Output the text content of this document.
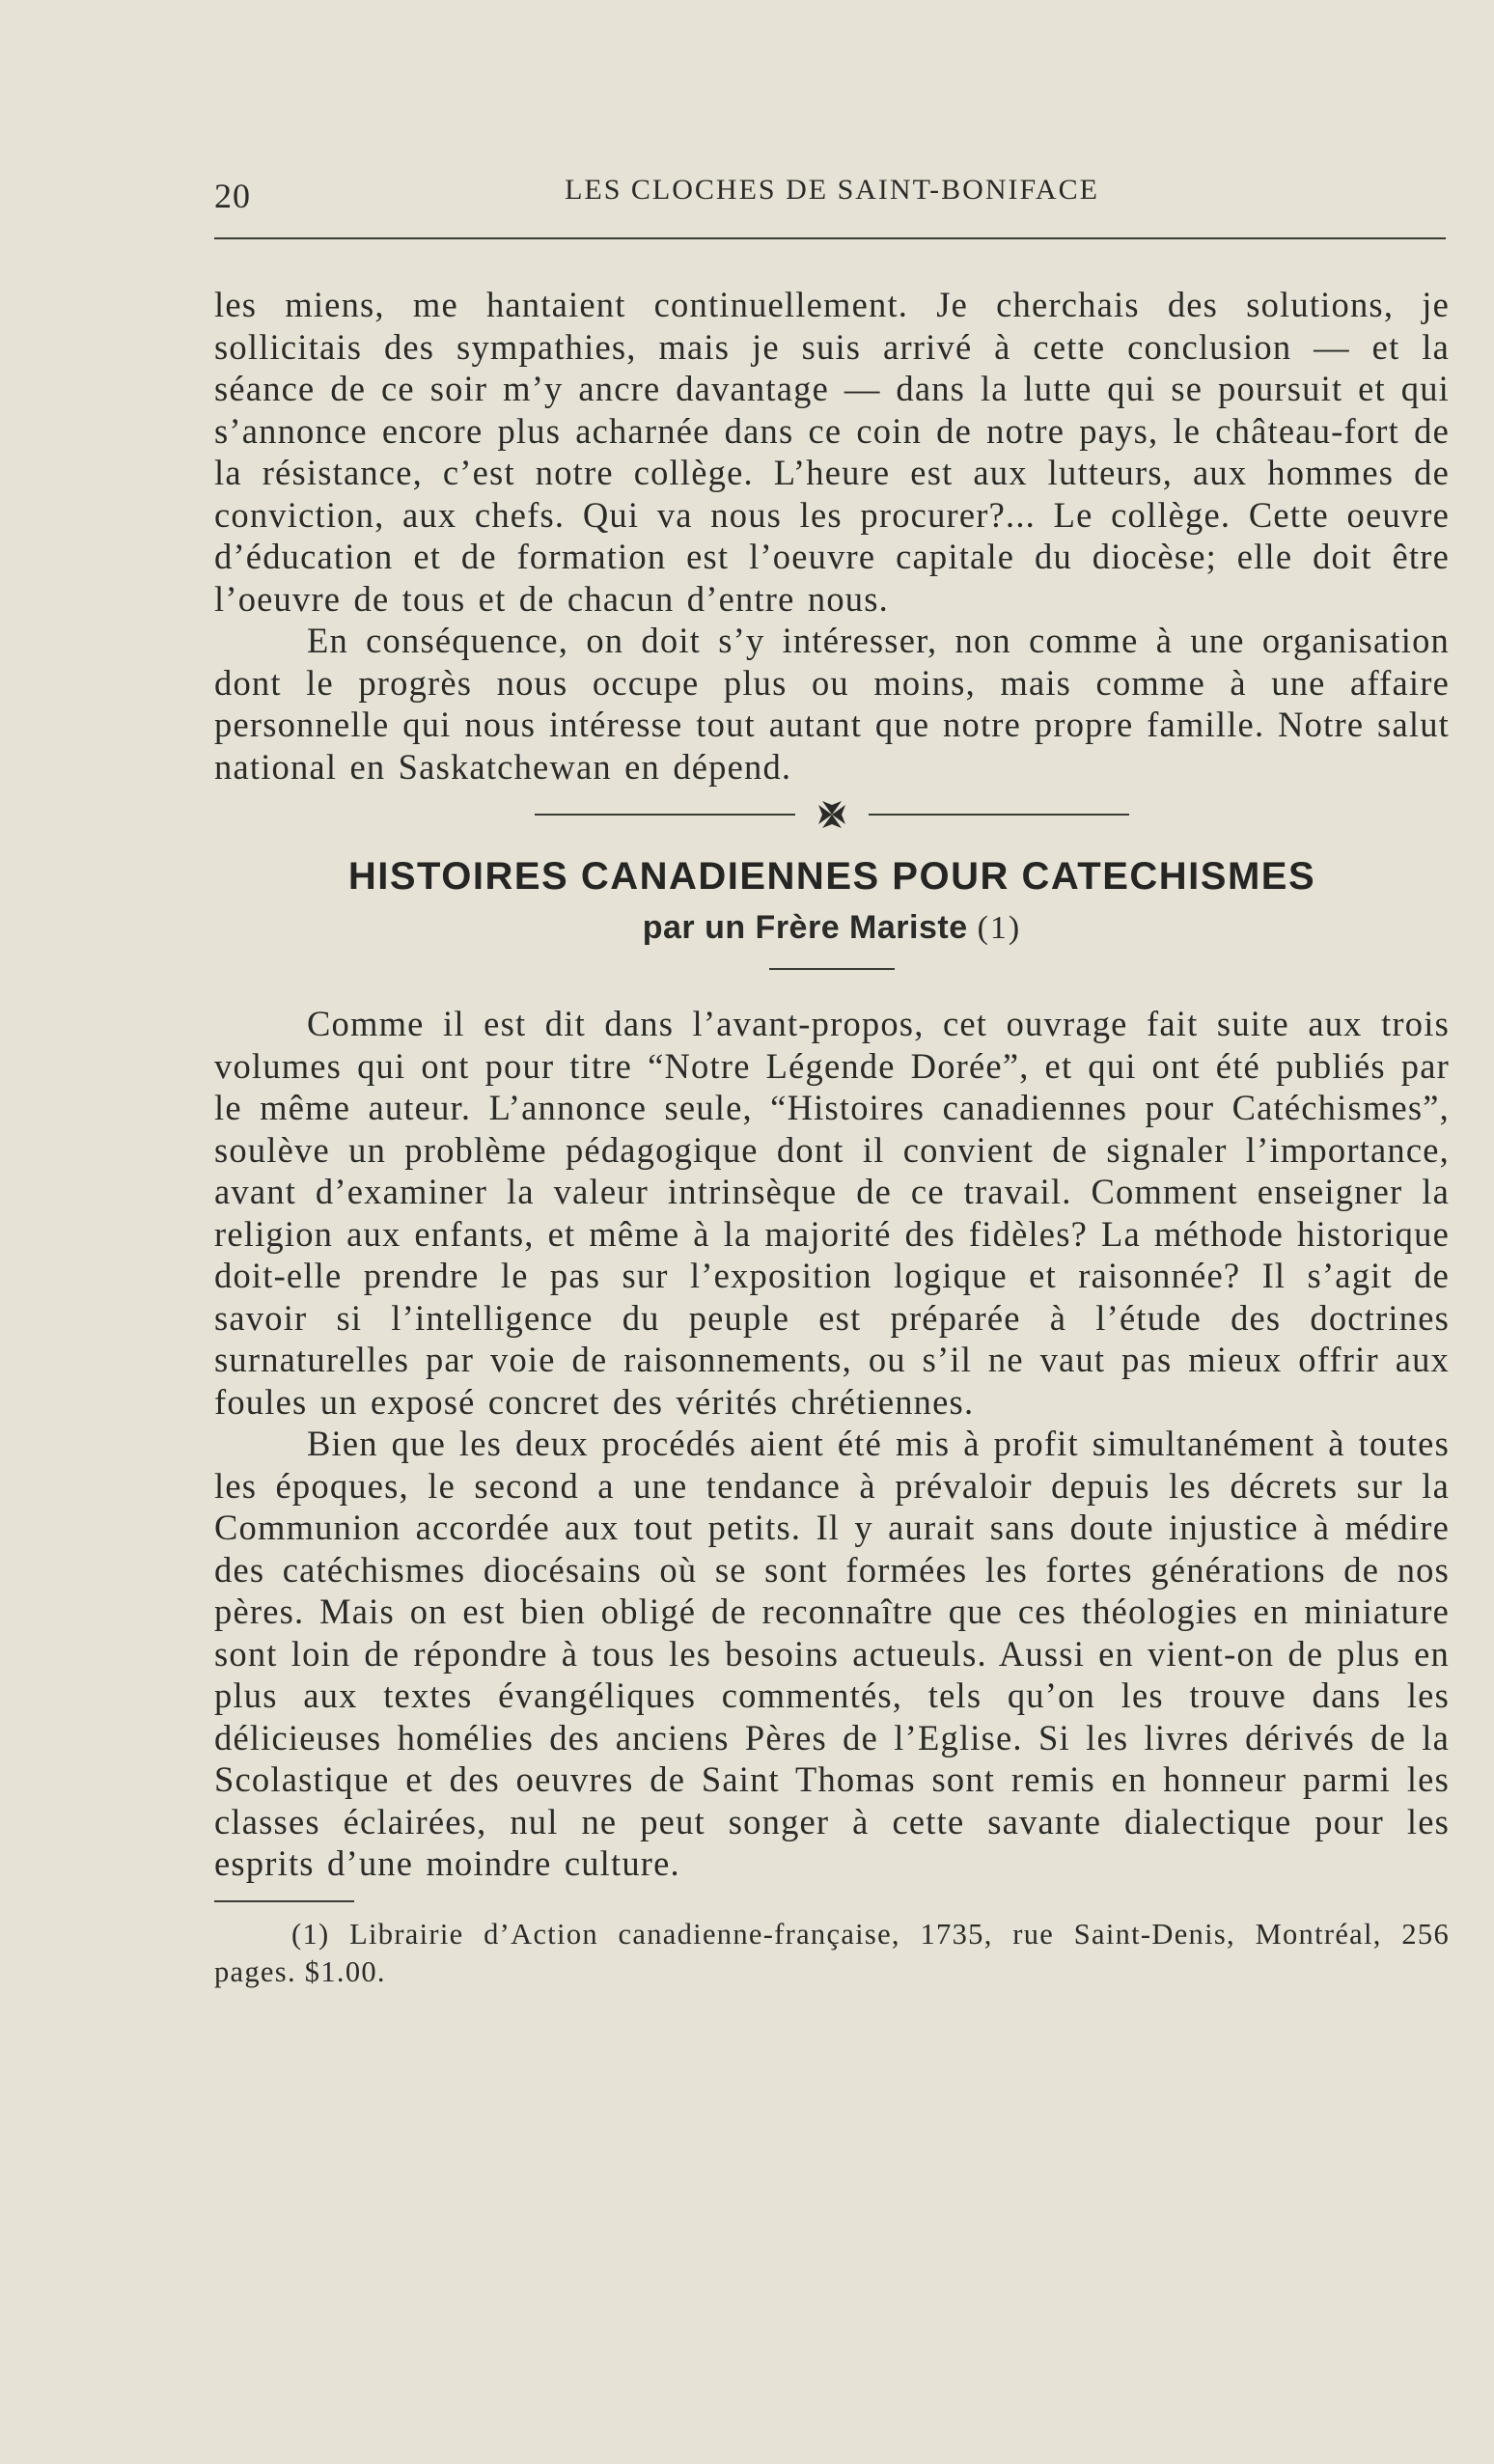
20	LES CLOCHES DE SAINT-BONIFACE

les miens, me hantaient continuellement. Je cherchais des solutions, je sollicitais des sympathies, mais je suis arrivé à cette conclusion — et la séance de ce soir m’y ancre davantage — dans la lutte qui se poursuit et qui s’annonce encore plus acharnée dans ce coin de notre pays, le château-fort de la résistance, c’est notre collège. L’heure est aux lutteurs, aux hommes de conviction, aux chefs. Qui va nous les procurer?... Le collège. Cette oeuvre d’éducation et de formation est l’oeuvre capitale du diocèse; elle doit être l’oeuvre de tous et de chacun d’entre nous.

En conséquence, on doit s’y intéresser, non comme à une organisation dont le progrès nous occupe plus ou moins, mais comme à une affaire personnelle qui nous intéresse tout autant que notre propre famille. Notre salut national en Saskatchewan en dépend.

HISTOIRES CANADIENNES POUR CATECHISMES
par un Frère Mariste (1)

Comme il est dit dans l’avant-propos, cet ouvrage fait suite aux trois volumes qui ont pour titre “Notre Légende Dorée”, et qui ont été publiés par le même auteur. L’annonce seule, “Histoires canadiennes pour Catéchismes”, soulève un problème pédagogique dont il convient de signaler l’importance, avant d’examiner la valeur intrinsèque de ce travail. Comment enseigner la religion aux enfants, et même à la majorité des fidèles? La méthode historique doit-elle prendre le pas sur l’exposition logique et raisonnée? Il s’agit de savoir si l’intelligence du peuple est préparée à l’étude des doctrines surnaturelles par voie de raisonnements, ou s’il ne vaut pas mieux offrir aux foules un exposé concret des vérités chrétiennes.

Bien que les deux procédés aient été mis à profit simultanément à toutes les époques, le second a une tendance à prévaloir depuis les décrets sur la Communion accordée aux tout petits. Il y aurait sans doute injustice à médire des catéchismes diocésains où se sont formées les fortes générations de nos pères. Mais on est bien obligé de reconnaître que ces théologies en miniature sont loin de répondre à tous les besoins actueuls. Aussi en vient-on de plus en plus aux textes évangéliques commentés, tels qu’on les trouve dans les délicieuses homélies des anciens Pères de l’Eglise. Si les livres dérivés de la Scolastique et des oeuvres de Saint Thomas sont remis en honneur parmi les classes éclairées, nul ne peut songer à cette savante dialectique pour les esprits d’une moindre culture.

(1) Librairie d’Action canadienne-française, 1735, rue Saint-Denis, Montréal, 256 pages. $1.00.
